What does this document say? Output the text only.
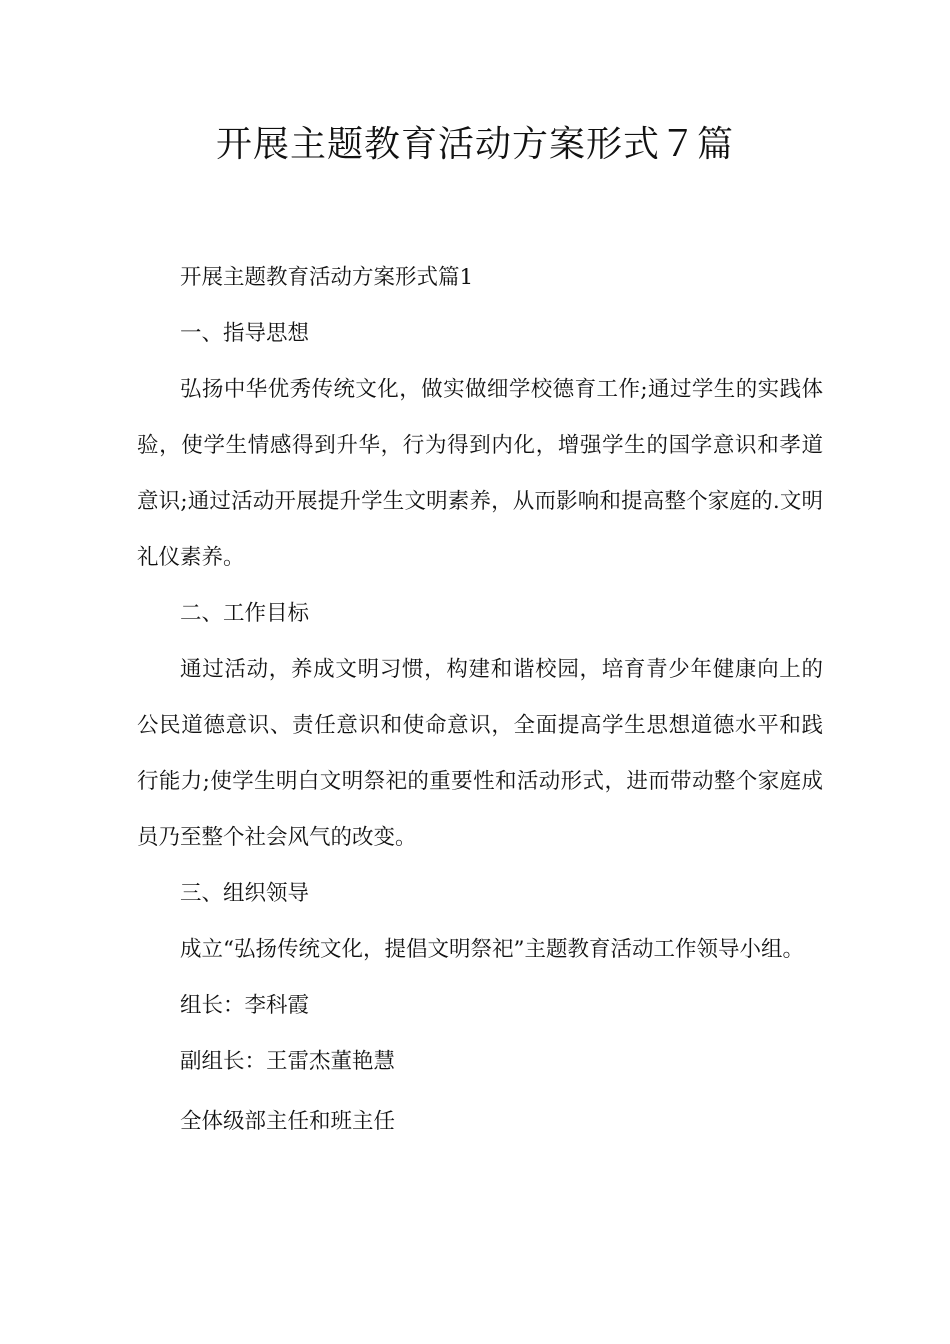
开展主题教育活动方案形式７篇

开展主题教育活动方案形式篇1

一、指导思想

弘扬中华优秀传统文化，做实做细学校德育工作;通过学生的实践体验，使学生情感得到升华，行为得到内化，增强学生的国学意识和孝道意识;通过活动开展提升学生文明素养，从而影响和提高整个家庭的.文明礼仪素养。

二、工作目标

通过活动，养成文明习惯，构建和谐校园，培育青少年健康向上的公民道德意识、责任意识和使命意识，全面提高学生思想道德水平和践行能力;使学生明白文明祭祀的重要性和活动形式，进而带动整个家庭成员乃至整个社会风气的改变。

三、组织领导

成立“弘扬传统文化，提倡文明祭祀”主题教育活动工作领导小组。

组长：李科霞

副组长：王雷杰董艳慧

全体级部主任和班主任
